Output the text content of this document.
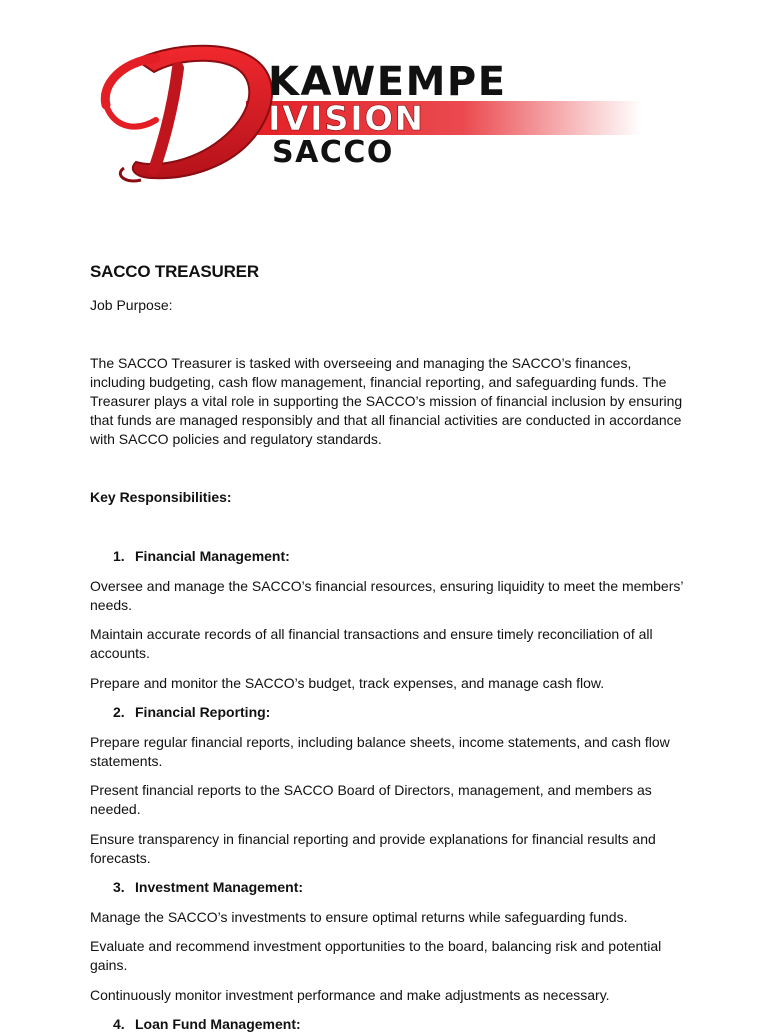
KAWEMPE
IVISION
SACCO
SACCO TREASURER
Job Purpose:
The SACCO Treasurer is tasked with overseeing and managing the SACCO’s finances, including budgeting, cash flow management, financial reporting, and safeguarding funds. The Treasurer plays a vital role in supporting the SACCO’s mission of financial inclusion by ensuring that funds are managed responsibly and that all financial activities are conducted in accordance with SACCO policies and regulatory standards.
Key Responsibilities:
1. Financial Management:
Oversee and manage the SACCO’s financial resources, ensuring liquidity to meet the members’ needs.
Maintain accurate records of all financial transactions and ensure timely reconciliation of all accounts.
Prepare and monitor the SACCO’s budget, track expenses, and manage cash flow.
2. Financial Reporting:
Prepare regular financial reports, including balance sheets, income statements, and cash flow statements.
Present financial reports to the SACCO Board of Directors, management, and members as needed.
Ensure transparency in financial reporting and provide explanations for financial results and forecasts.
3. Investment Management:
Manage the SACCO’s investments to ensure optimal returns while safeguarding funds.
Evaluate and recommend investment opportunities to the board, balancing risk and potential gains.
Continuously monitor investment performance and make adjustments as necessary.
4. Loan Fund Management:
